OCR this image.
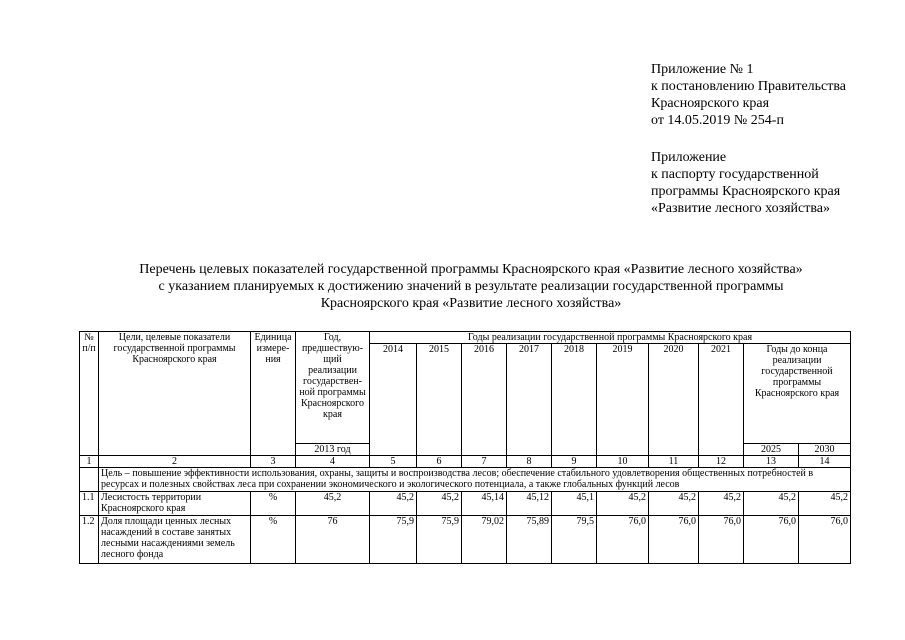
Приложение № 1
к постановлению Правительства
Красноярского края
от 14.05.2019 № 254-п
Приложение
к паспорту государственной
программы Красноярского края
«Развитие лесного хозяйства»
Перечень целевых показателей государственной программы Красноярского края «Развитие лесного хозяйства»
с указанием планируемых к достижению значений в результате реализации государственной программы
Красноярского края «Развитие лесного хозяйства»
№ п/п	Цели, целевые показатели государственной программы Красноярского края	Единица измере- ния	Год, предшествую- щий реализации государствен- ной программы Красноярского края	Годы реализации государственной программы Красноярского края									
				2014	2015	2016	2017	2018	2019	2020	2021	Годы до конца реализации государственной программы Красноярского края	
			2013 год									2025	2030
1	2	3	4	5	6	7	8	9	10	11	12	13	14
	Цель – повышение эффективности использования, охраны, защиты и воспроизводства лесов; обеспечение стабильного удовлетворения общественных потребностей в ресурсах и полезных свойствах леса при сохранении экономического и экологического потенциала, а также глобальных функций лесов												
1.1	Лесистость территории Красноярского края	%	45,2	45,2	45,2	45,14	45,12	45,1	45,2	45,2	45,2	45,2	45,2
1.2	Доля площади ценных лесных насаждений в составе занятых лесными насаждениями земель лесного фонда	%	76	75,9	75,9	79,02	75,89	79,5	76,0	76,0	76,0	76,0	76,0
